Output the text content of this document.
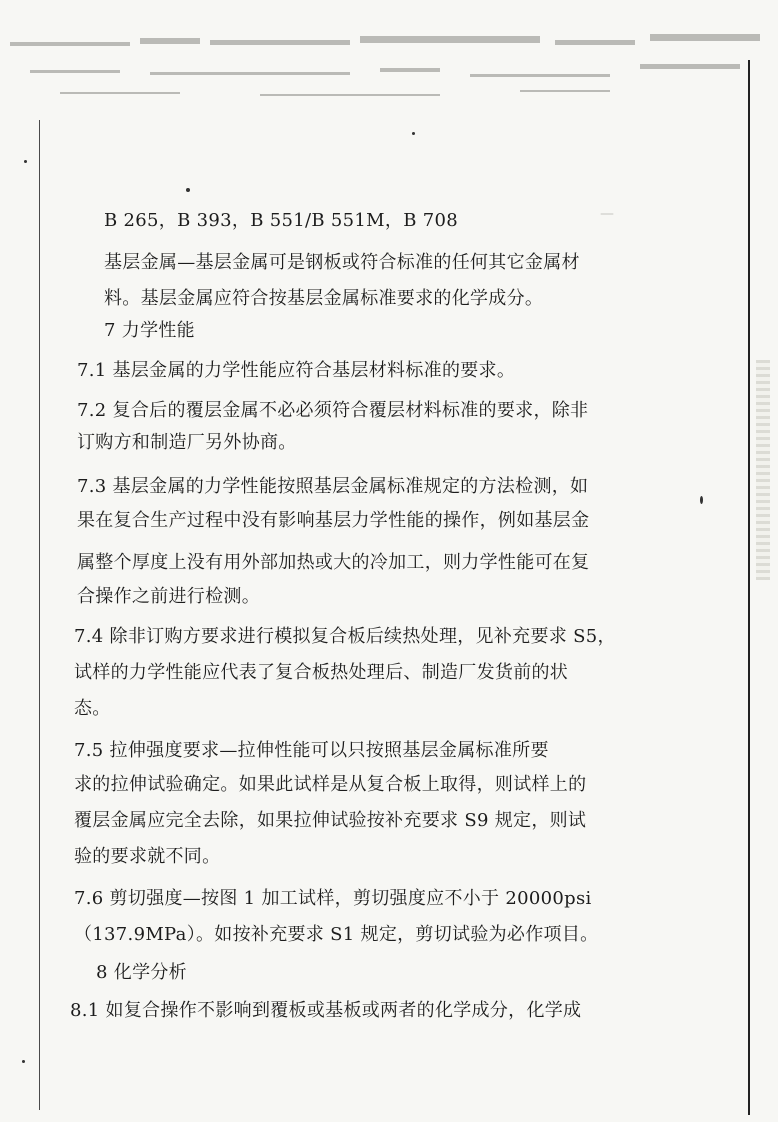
—
B 265，B 393，B 551/B 551M，B 708
基层金属—基层金属可是钢板或符合标准的任何其它金属材
料。基层金属应符合按基层金属标准要求的化学成分。
7 力学性能
7.1 基层金属的力学性能应符合基层材料标准的要求。
7.2 复合后的覆层金属不必必须符合覆层材料标准的要求，除非
订购方和制造厂另外协商。
7.3 基层金属的力学性能按照基层金属标准规定的方法检测，如
果在复合生产过程中没有影响基层力学性能的操作，例如基层金
属整个厚度上没有用外部加热或大的冷加工，则力学性能可在复
合操作之前进行检测。
7.4 除非订购方要求进行模拟复合板后续热处理，见补充要求 S5，
试样的力学性能应代表了复合板热处理后、制造厂发货前的状
态。
7.5 拉伸强度要求—拉伸性能可以只按照基层金属标准所要
求的拉伸试验确定。如果此试样是从复合板上取得，则试样上的
覆层金属应完全去除，如果拉伸试验按补充要求 S9 规定，则试
验的要求就不同。
7.6 剪切强度—按图 1 加工试样，剪切强度应不小于 20000psi
（137.9MPa）。如按补充要求 S1 规定，剪切试验为必作项目。
8 化学分析
8.1 如复合操作不影响到覆板或基板或两者的化学成分，化学成
